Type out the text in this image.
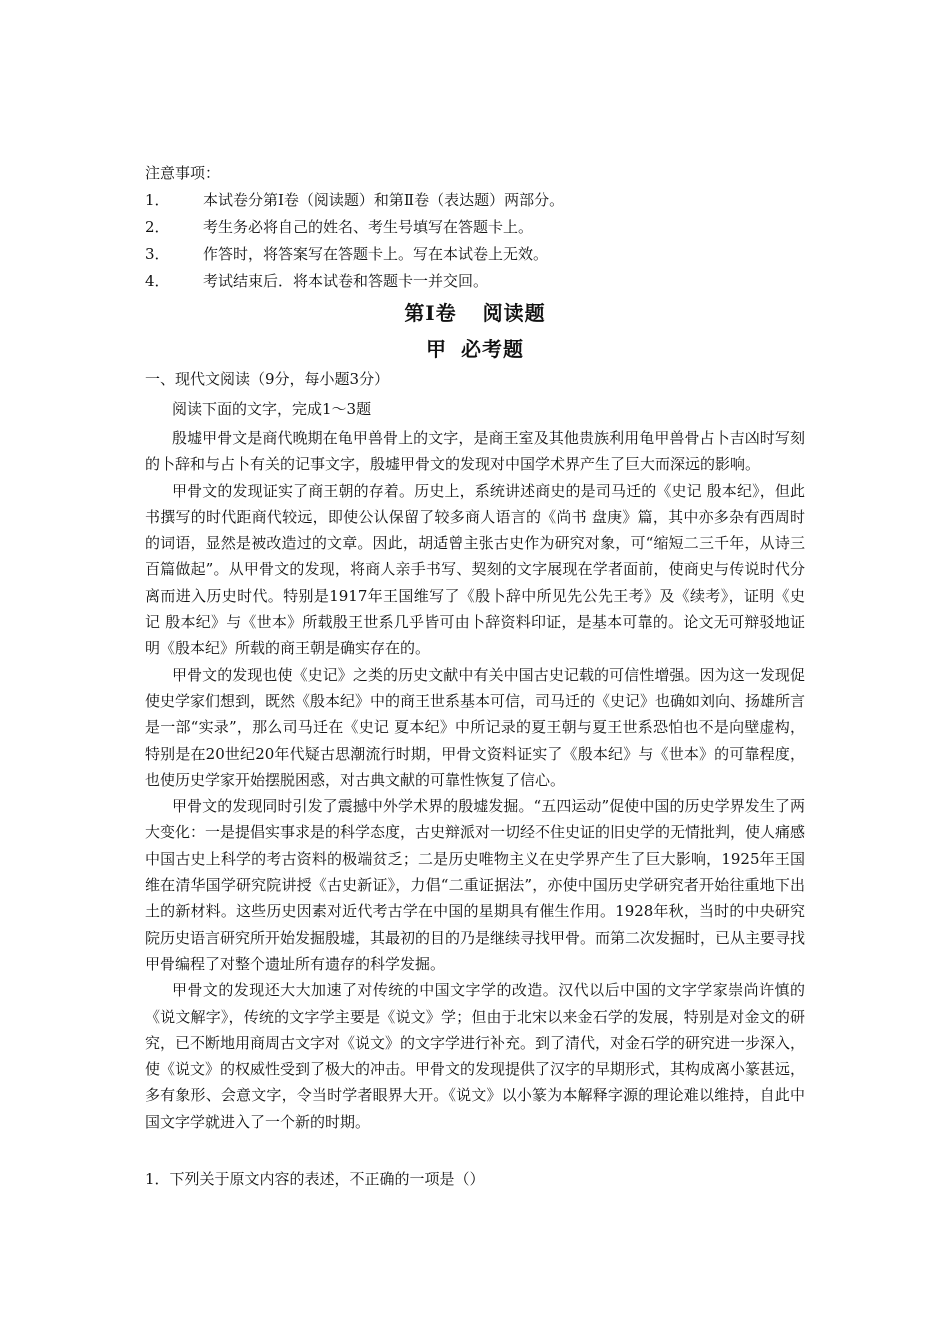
注意事项：
1． 本试卷分第Ⅰ卷（阅读题）和第Ⅱ卷（表达题）两部分。
2． 考生务必将自己的姓名、考生号填写在答题卡上。
3． 作答时，将答案写在答题卡上。写在本试卷上无效。
4． 考试结束后．将本试卷和答题卡一并交回。
第Ⅰ卷 阅读题
甲 必考题
一、现代文阅读（9分，每小题3分）
阅读下面的文字，完成1～3题

殷墟甲骨文是商代晚期在龟甲兽骨上的文字，是商王室及其他贵族利用龟甲兽骨占卜吉凶时写刻的卜辞和与占卜有关的记事文字，殷墟甲骨文的发现对中国学术界产生了巨大而深远的影响。

甲骨文的发现证实了商王朝的存着。历史上，系统讲述商史的是司马迁的《史记 殷本纪》，但此书撰写的时代距商代较远，即使公认保留了较多商人语言的《尚书 盘庚》篇，其中亦多杂有西周时的词语，显然是被改造过的文章。因此，胡适曾主张古史作为研究对象，可“缩短二三千年，从诗三百篇做起”。从甲骨文的发现，将商人亲手书写、契刻的文字展现在学者面前，使商史与传说时代分离而进入历史时代。特别是1917年王国维写了《殷卜辞中所见先公先王考》及《续考》，证明《史记 殷本纪》与《世本》所载殷王世系几乎皆可由卜辞资料印证，是基本可靠的。论文无可辩驳地证明《殷本纪》所载的商王朝是确实存在的。

甲骨文的发现也使《史记》之类的历史文献中有关中国古史记载的可信性增强。因为这一发现促使史学家们想到，既然《殷本纪》中的商王世系基本可信，司马迁的《史记》也确如刘向、扬雄所言是一部“实录”，那么司马迁在《史记 夏本纪》中所记录的夏王朝与夏王世系恐怕也不是向壁虚构，特别是在20世纪20年代疑古思潮流行时期，甲骨文资料证实了《殷本纪》与《世本》的可靠程度，也使历史学家开始摆脱困惑，对古典文献的可靠性恢复了信心。

甲骨文的发现同时引发了震撼中外学术界的殷墟发掘。“五四运动”促使中国的历史学界发生了两大变化：一是提倡实事求是的科学态度，古史辩派对一切经不住史证的旧史学的无情批判，使人痛感中国古史上科学的考古资料的极端贫乏；二是历史唯物主义在史学界产生了巨大影响，1925年王国维在清华国学研究院讲授《古史新证》，力倡“二重证据法”，亦使中国历史学研究者开始往重地下出土的新材料。这些历史因素对近代考古学在中国的星期具有催生作用。1928年秋，当时的中央研究院历史语言研究所开始发掘殷墟，其最初的目的乃是继续寻找甲骨。而第二次发掘时，已从主要寻找甲骨编程了对整个遗址所有遗存的科学发掘。

甲骨文的发现还大大加速了对传统的中国文字学的改造。汉代以后中国的文字学家崇尚许慎的《说文解字》，传统的文字学主要是《说文》学；但由于北宋以来金石学的发展，特别是对金文的研究，已不断地用商周古文字对《说文》的文字学进行补充。到了清代，对金石学的研究进一步深入，使《说文》的权威性受到了极大的冲击。甲骨文的发现提供了汉字的早期形式，其构成离小篆甚远，多有象形、会意文字，令当时学者眼界大开。《说文》以小篆为本解释字源的理论难以维持，自此中国文字学就进入了一个新的时期。

1．下列关于原文内容的表述，不正确的一项是（）
